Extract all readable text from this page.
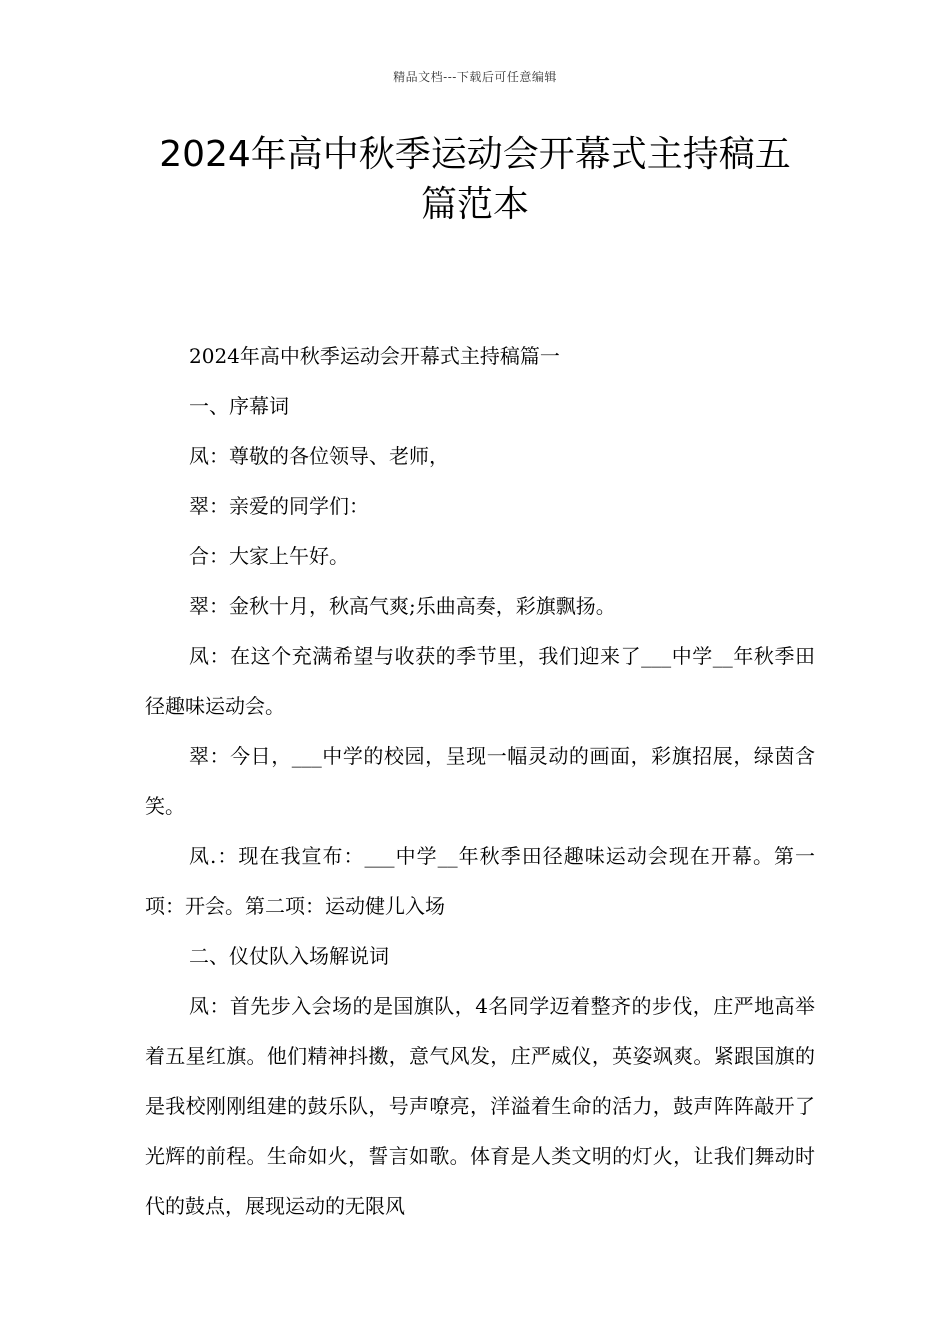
精品文档---下载后可任意编辑
2024年高中秋季运动会开幕式主持稿五
篇范本

2024年高中秋季运动会开幕式主持稿篇一

一、序幕词

凤：尊敬的各位领导、老师，

翠：亲爱的同学们：

合：大家上午好。

翠：金秋十月，秋高气爽;乐曲高奏，彩旗飘扬。

凤：在这个充满希望与收获的季节里，我们迎来了___中学__年秋季田径趣味运动会。

翠：今日，___中学的校园，呈现一幅灵动的画面，彩旗招展，绿茵含笑。

凤.：现在我宣布：___中学__年秋季田径趣味运动会现在开幕。第一项：开会。第二项：运动健儿入场

二、仪仗队入场解说词

凤：首先步入会场的是国旗队，4名同学迈着整齐的步伐，庄严地高举着五星红旗。他们精神抖擞，意气风发，庄严威仪，英姿飒爽。紧跟国旗的是我校刚刚组建的鼓乐队，号声嘹亮，洋溢着生命的活力，鼓声阵阵敲开了光辉的前程。生命如火，誓言如歌。体育是人类文明的灯火，让我们舞动时代的鼓点，展现运动的无限风
